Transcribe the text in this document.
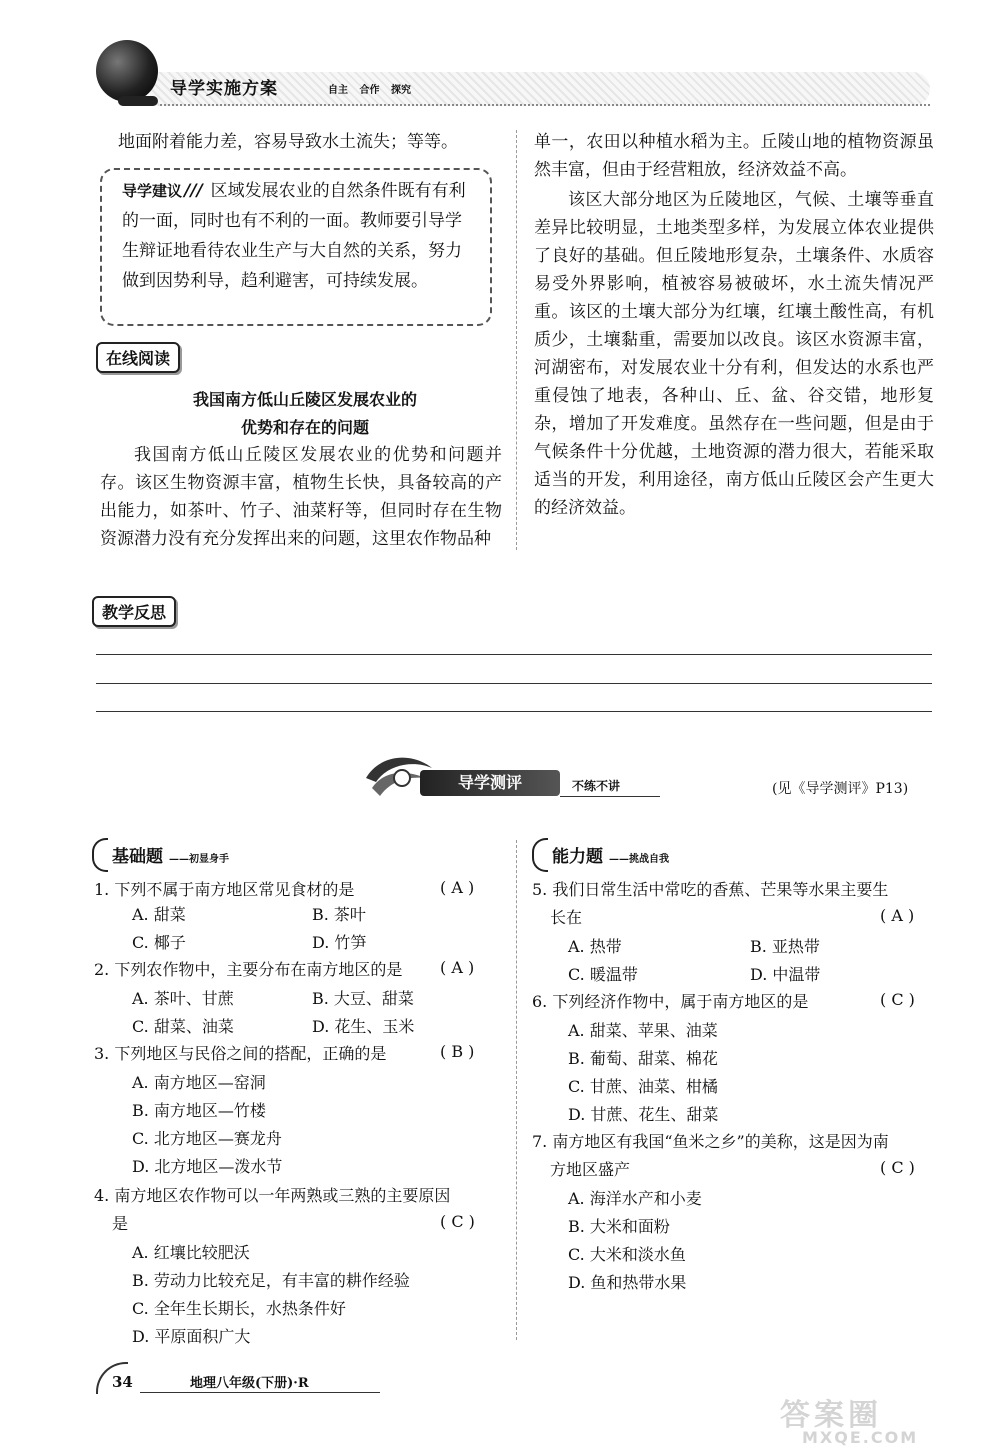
导学实施方案	自主 合作 探究
地面附着能力差，容易导致水土流失；等等。
导学建议 /// 区域发展农业的自然条件既有有利的一面，同时也有不利的一面。教师要引导学生辩证地看待农业生产与大自然的关系，努力做到因势利导，趋利避害，可持续发展。
在线阅读
我国南方低山丘陵区发展农业的
优势和存在的问题
我国南方低山丘陵区发展农业的优势和问题并存。该区生物资源丰富，植物生长快，具备较高的产出能力，如茶叶、竹子、油菜籽等，但同时存在生物资源潜力没有充分发挥出来的问题，这里农作物品种
单一，农田以种植水稻为主。丘陵山地的植物资源虽然丰富，但由于经营粗放，经济效益不高。
该区大部分地区为丘陵地区，气候、土壤等垂直差异比较明显，土地类型多样，为发展立体农业提供了良好的基础。但丘陵地形复杂，土壤条件、水质容易受外界影响，植被容易被破坏，水土流失情况严重。该区的土壤大部分为红壤，红壤土酸性高，有机质少，土壤黏重，需要加以改良。该区水资源丰富，河湖密布，对发展农业十分有利，但发达的水系也严重侵蚀了地表，各种山、丘、盆、谷交错，地形复杂，增加了开发难度。虽然存在一些问题，但是由于气候条件十分优越，土地资源的潜力很大，若能采取适当的开发，利用途径，南方低山丘陵区会产生更大的经济效益。
教学反思
导学测评	不练不讲	(见《导学测评》P13)
基础题 ——初显身手
1. 下列不属于南方地区常见食材的是	( A )
A. 甜菜	B. 茶叶
C. 椰子	D. 竹笋
2. 下列农作物中，主要分布在南方地区的是 ( A )
A. 茶叶、甘蔗	B. 大豆、甜菜
C. 甜菜、油菜	D. 花生、玉米
3. 下列地区与民俗之间的搭配，正确的是	( B )
A. 南方地区—窑洞
B. 南方地区—竹楼
C. 北方地区—赛龙舟
D. 北方地区—泼水节
4. 南方地区农作物可以一年两熟或三熟的主要原因
是	( C )
A. 红壤比较肥沃
B. 劳动力比较充足，有丰富的耕作经验
C. 全年生长期长，水热条件好
D. 平原面积广大
能力题 ——挑战自我
5. 我们日常生活中常吃的香蕉、芒果等水果主要生
长在	( A )
A. 热带	B. 亚热带
C. 暖温带	D. 中温带
6. 下列经济作物中，属于南方地区的是	( C )
A. 甜菜、苹果、油菜
B. 葡萄、甜菜、棉花
C. 甘蔗、油菜、柑橘
D. 甘蔗、花生、甜菜
7. 南方地区有我国“鱼米之乡”的美称，这是因为南
方地区盛产	( C )
A. 海洋水产和小麦
B. 大米和面粉
C. 大米和淡水鱼
D. 鱼和热带水果
34	地理八年级(下册)·R
答案圈
MXQE.COM
